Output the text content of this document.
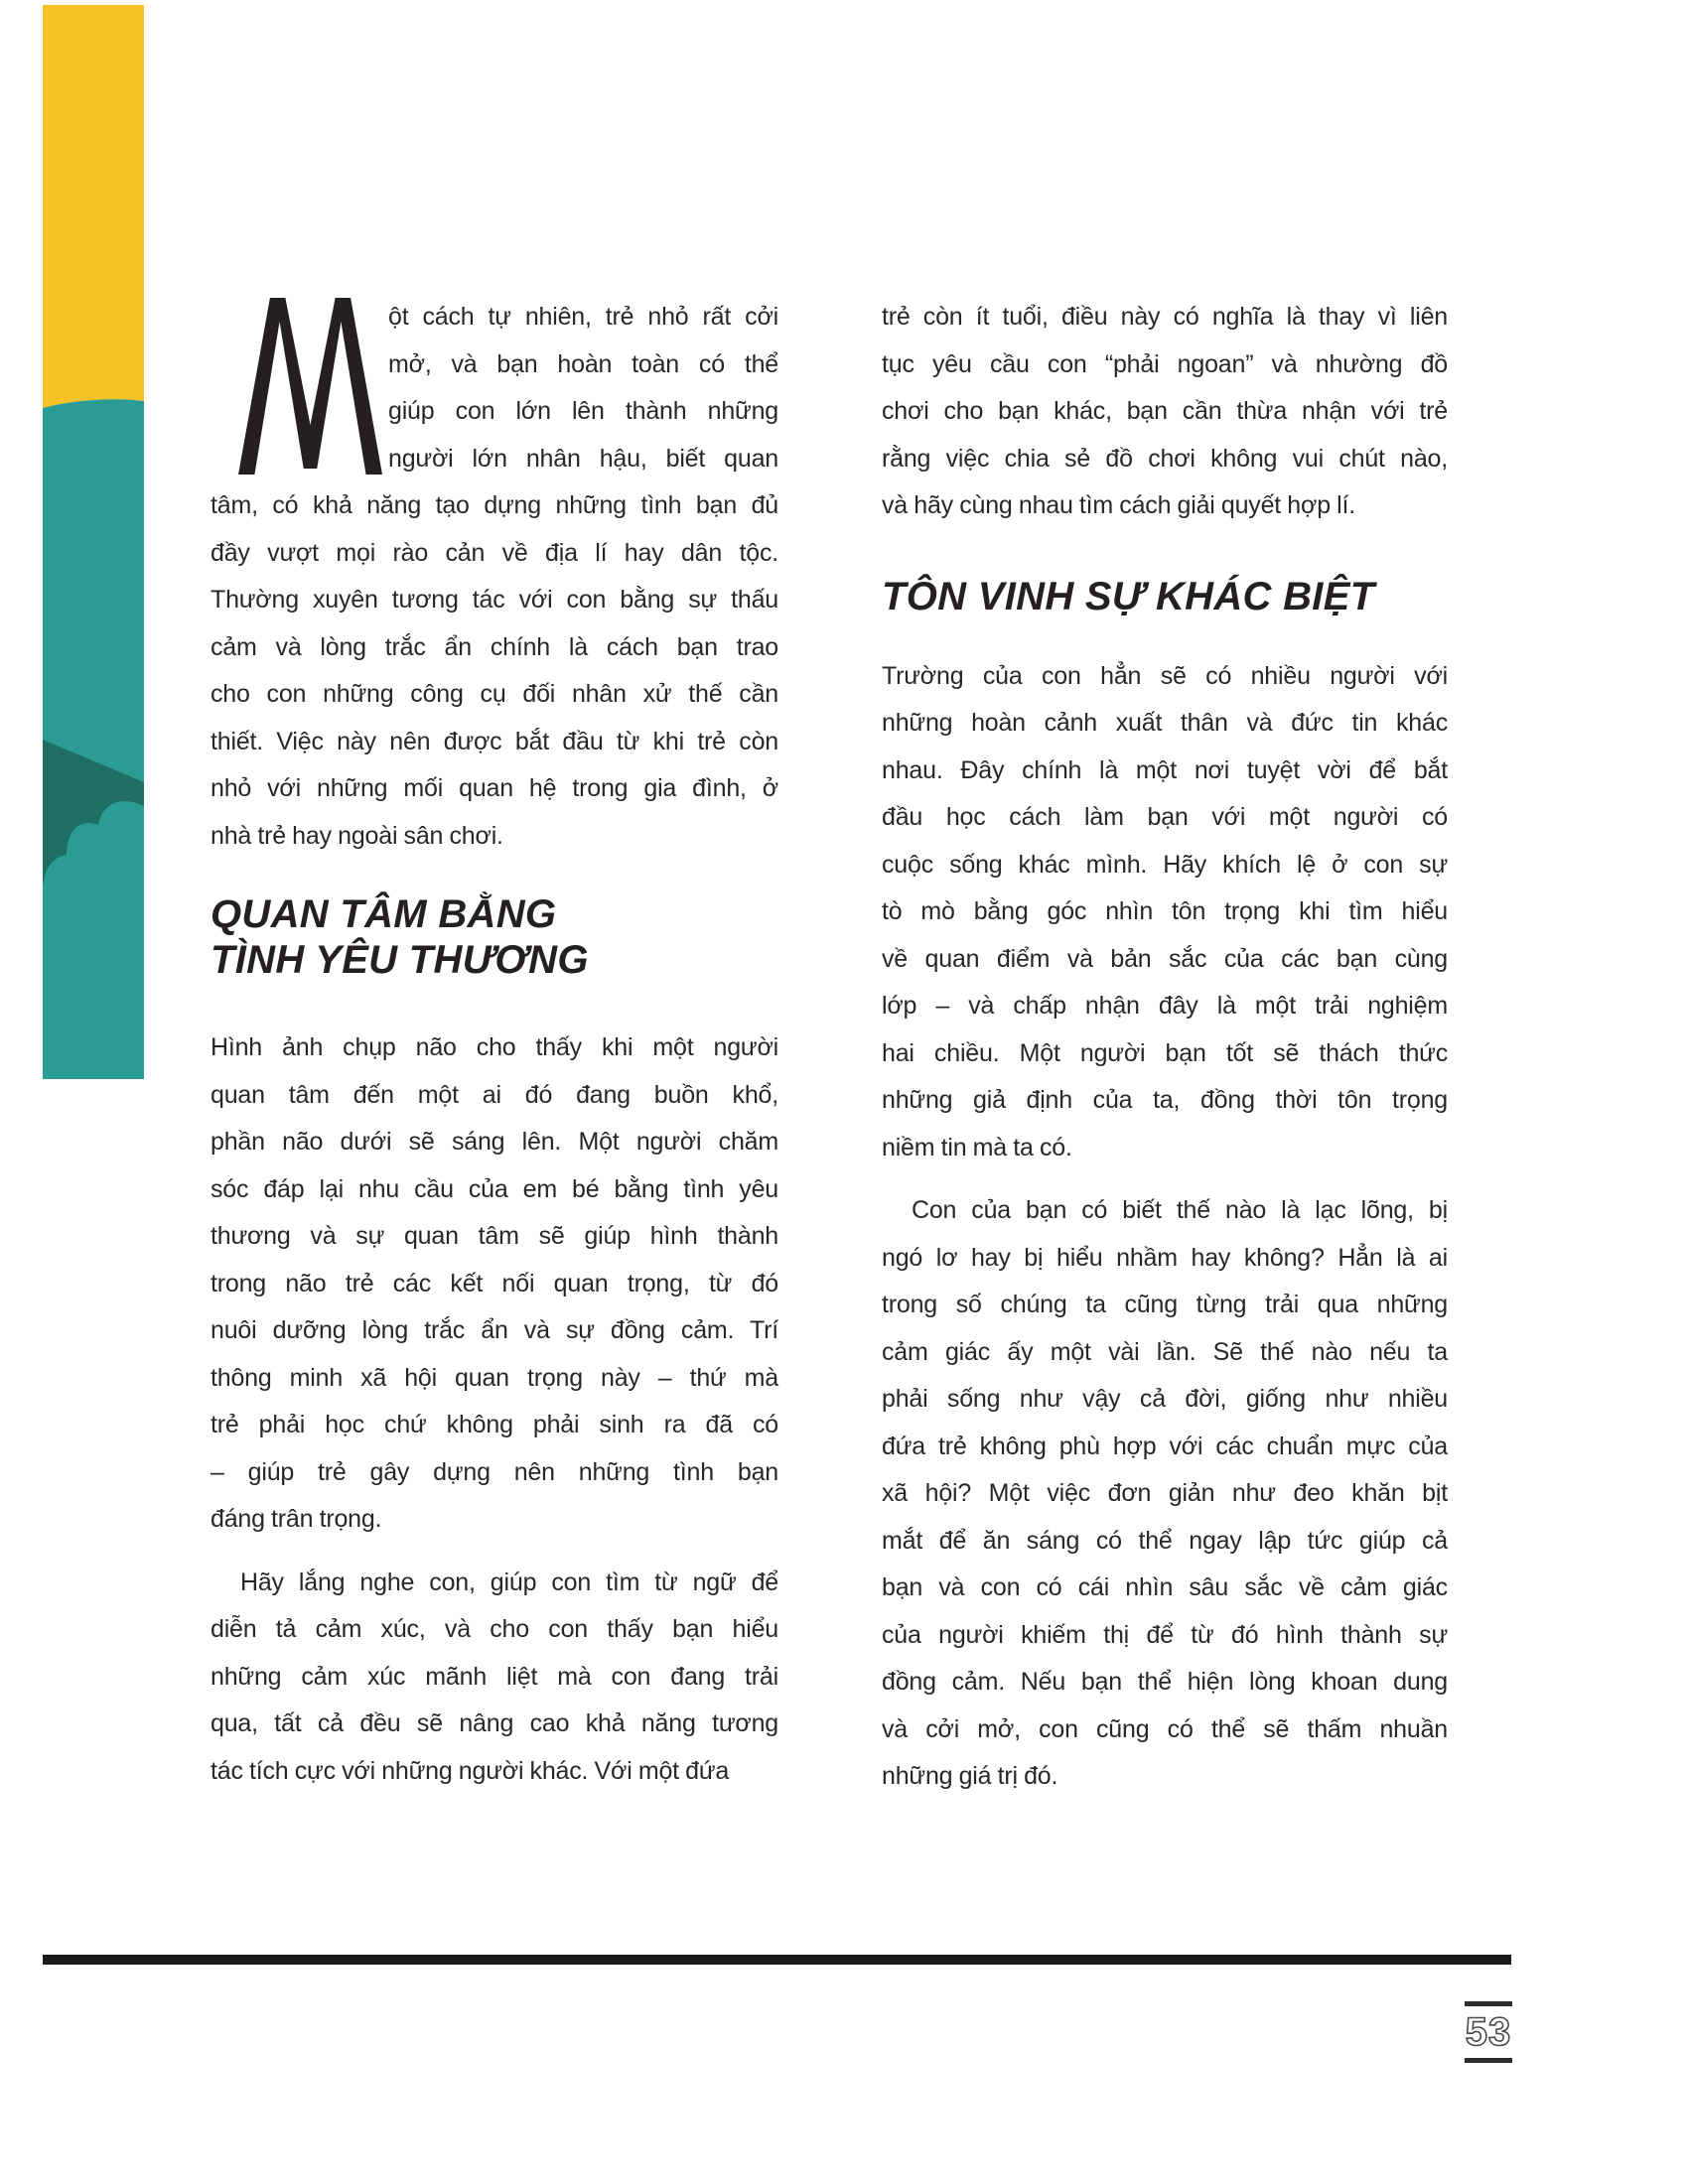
ột cách tự nhiên, trẻ nhỏ rất cởi
mở, và bạn hoàn toàn có thể
giúp con lớn lên thành những
người lớn nhân hậu, biết quan
tâm, có khả năng tạo dựng những tình bạn đủ
đầy vượt mọi rào cản về địa lí hay dân tộc.
Thường xuyên tương tác với con bằng sự thấu
cảm và lòng trắc ẩn chính là cách bạn trao
cho con những công cụ đối nhân xử thế cần
thiết. Việc này nên được bắt đầu từ khi trẻ còn
nhỏ với những mối quan hệ trong gia đình, ở
nhà trẻ hay ngoài sân chơi.
QUAN TÂM BẰNG
TÌNH YÊU THƯƠNG
Hình ảnh chụp não cho thấy khi một người
quan tâm đến một ai đó đang buồn khổ,
phần não dưới sẽ sáng lên. Một người chăm
sóc đáp lại nhu cầu của em bé bằng tình yêu
thương và sự quan tâm sẽ giúp hình thành
trong não trẻ các kết nối quan trọng, từ đó
nuôi dưỡng lòng trắc ẩn và sự đồng cảm. Trí
thông minh xã hội quan trọng này – thứ mà
trẻ phải học chứ không phải sinh ra đã có
– giúp trẻ gây dựng nên những tình bạn
đáng trân trọng.
Hãy lắng nghe con, giúp con tìm từ ngữ để
diễn tả cảm xúc, và cho con thấy bạn hiểu
những cảm xúc mãnh liệt mà con đang trải
qua, tất cả đều sẽ nâng cao khả năng tương
tác tích cực với những người khác. Với một đứa
trẻ còn ít tuổi, điều này có nghĩa là thay vì liên
tục yêu cầu con “phải ngoan” và nhường đồ
chơi cho bạn khác, bạn cần thừa nhận với trẻ
rằng việc chia sẻ đồ chơi không vui chút nào,
và hãy cùng nhau tìm cách giải quyết hợp lí.
TÔN VINH SỰ KHÁC BIỆT
Trường của con hẳn sẽ có nhiều người với
những hoàn cảnh xuất thân và đức tin khác
nhau. Đây chính là một nơi tuyệt vời để bắt
đầu học cách làm bạn với một người có
cuộc sống khác mình. Hãy khích lệ ở con sự
tò mò bằng góc nhìn tôn trọng khi tìm hiểu
về quan điểm và bản sắc của các bạn cùng
lớp – và chấp nhận đây là một trải nghiệm
hai chiều. Một người bạn tốt sẽ thách thức
những giả định của ta, đồng thời tôn trọng
niềm tin mà ta có.
Con của bạn có biết thế nào là lạc lõng, bị
ngó lơ hay bị hiểu nhầm hay không? Hẳn là ai
trong số chúng ta cũng từng trải qua những
cảm giác ấy một vài lần. Sẽ thế nào nếu ta
phải sống như vậy cả đời, giống như nhiều
đứa trẻ không phù hợp với các chuẩn mực của
xã hội? Một việc đơn giản như đeo khăn bịt
mắt để ăn sáng có thể ngay lập tức giúp cả
bạn và con có cái nhìn sâu sắc về cảm giác
của người khiếm thị để từ đó hình thành sự
đồng cảm. Nếu bạn thể hiện lòng khoan dung
và cởi mở, con cũng có thể sẽ thấm nhuần
những giá trị đó.
53
